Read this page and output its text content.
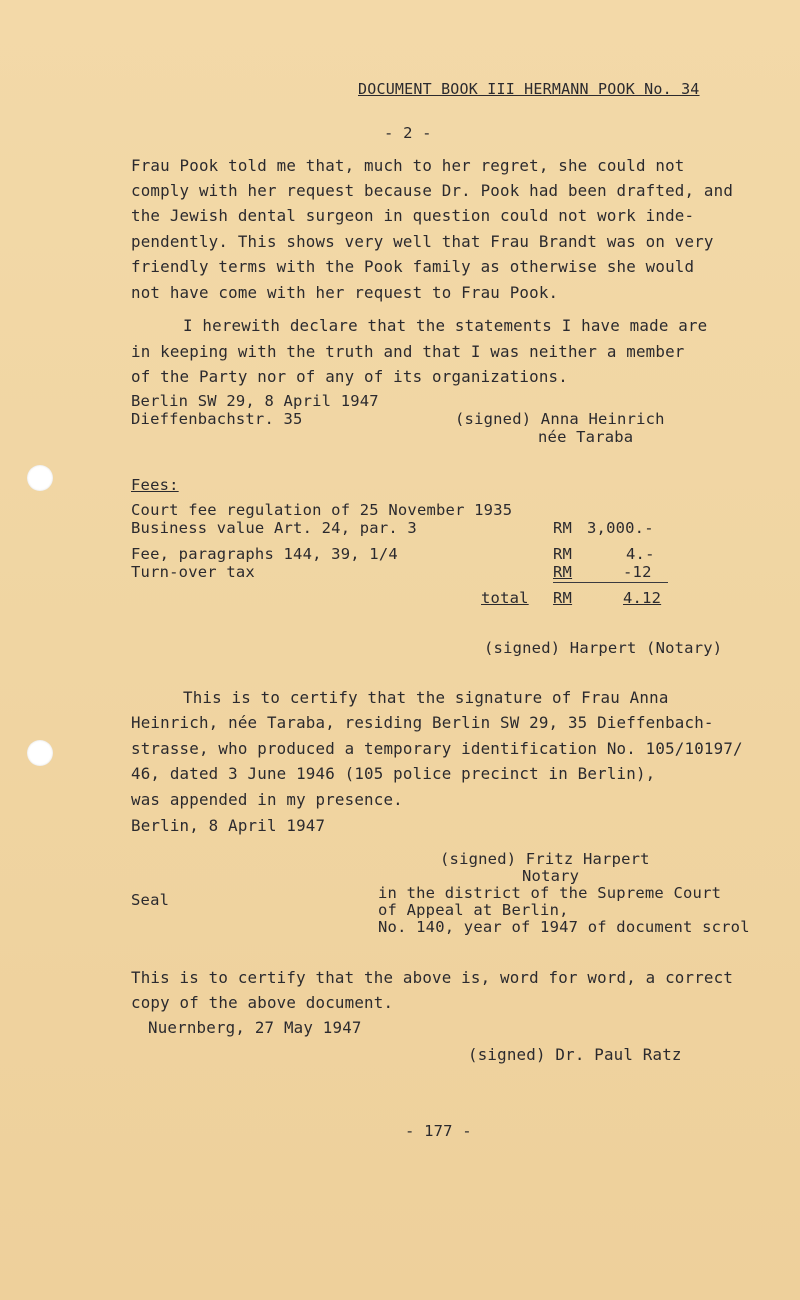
DOCUMENT BOOK III HERMANN POOK No. 34
- 2 -
Frau Pook told me that, much to her regret, she could not
comply with her request because Dr. Pook had been drafted, and
the Jewish dental surgeon in question could not work inde-
pendently. This shows very well that Frau Brandt was on very
friendly terms with the Pook family as otherwise she would
not have come with her request to Frau Pook.
I herewith declare that the statements I have made are
in keeping with the truth and that I was neither a member
of the Party nor of any of its organizations.
Berlin SW 29, 8 April 1947
Dieffenbachstr. 35	(signed) Anna Heinrich
née Taraba
Fees:
Court fee regulation of 25 November 1935
Business value Art. 24, par. 3	RM 3,000.-
Fee, paragraphs 144, 39, 1/4	RM	4.-
Turn-over tax	RM	-12
total RM	4.12
(signed) Harpert (Notary)
This is to certify that the signature of Frau Anna
Heinrich, née Taraba, residing Berlin SW 29, 35 Dieffenbach-
strasse, who produced a temporary identification No. 105/10197/
46, dated 3 June 1946 (105 police precinct in Berlin),
was appended in my presence.
Berlin, 8 April 1947
(signed) Fritz Harpert
Notary
Seal	in the district of the Supreme Court
of Appeal at Berlin,
No. 140, year of 1947 of document scrol
This is to certify that the above is, word for word, a correct
copy of the above document.
Nuernberg, 27 May 1947
(signed) Dr. Paul Ratz
- 177 -
